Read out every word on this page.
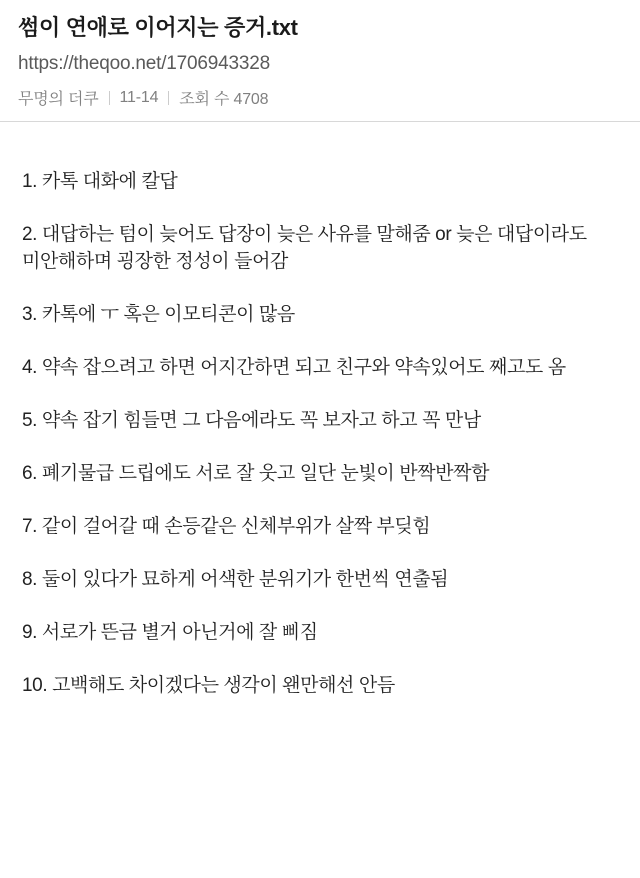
썸이 연애로 이어지는 증거.txt
https://theqoo.net/1706943328
무명의 더쿠 11-14 조회 수 4708

1. 카톡 대화에 칼답

2. 대답하는 텀이 늦어도 답장이 늦은 사유를 말해줌 or 늦은 대답이라도 미안해하며 굉장한 정성이 들어감

3. 카톡에 ㅜ 혹은 이모티콘이 많음

4. 약속 잡으려고 하면 어지간하면 되고 친구와 약속있어도 째고도 옴

5. 약속 잡기 힘들면 그 다음에라도 꼭 보자고 하고 꼭 만남

6. 폐기물급 드립에도 서로 잘 웃고 일단 눈빛이 반짝반짝함

7. 같이 걸어갈 때 손등같은 신체부위가 살짝 부딪힘

8. 둘이 있다가 묘하게 어색한 분위기가 한번씩 연출됨

9. 서로가 뜬금 별거 아닌거에 잘 삐짐

10. 고백해도 차이겠다는 생각이 왠만해선 안듬
